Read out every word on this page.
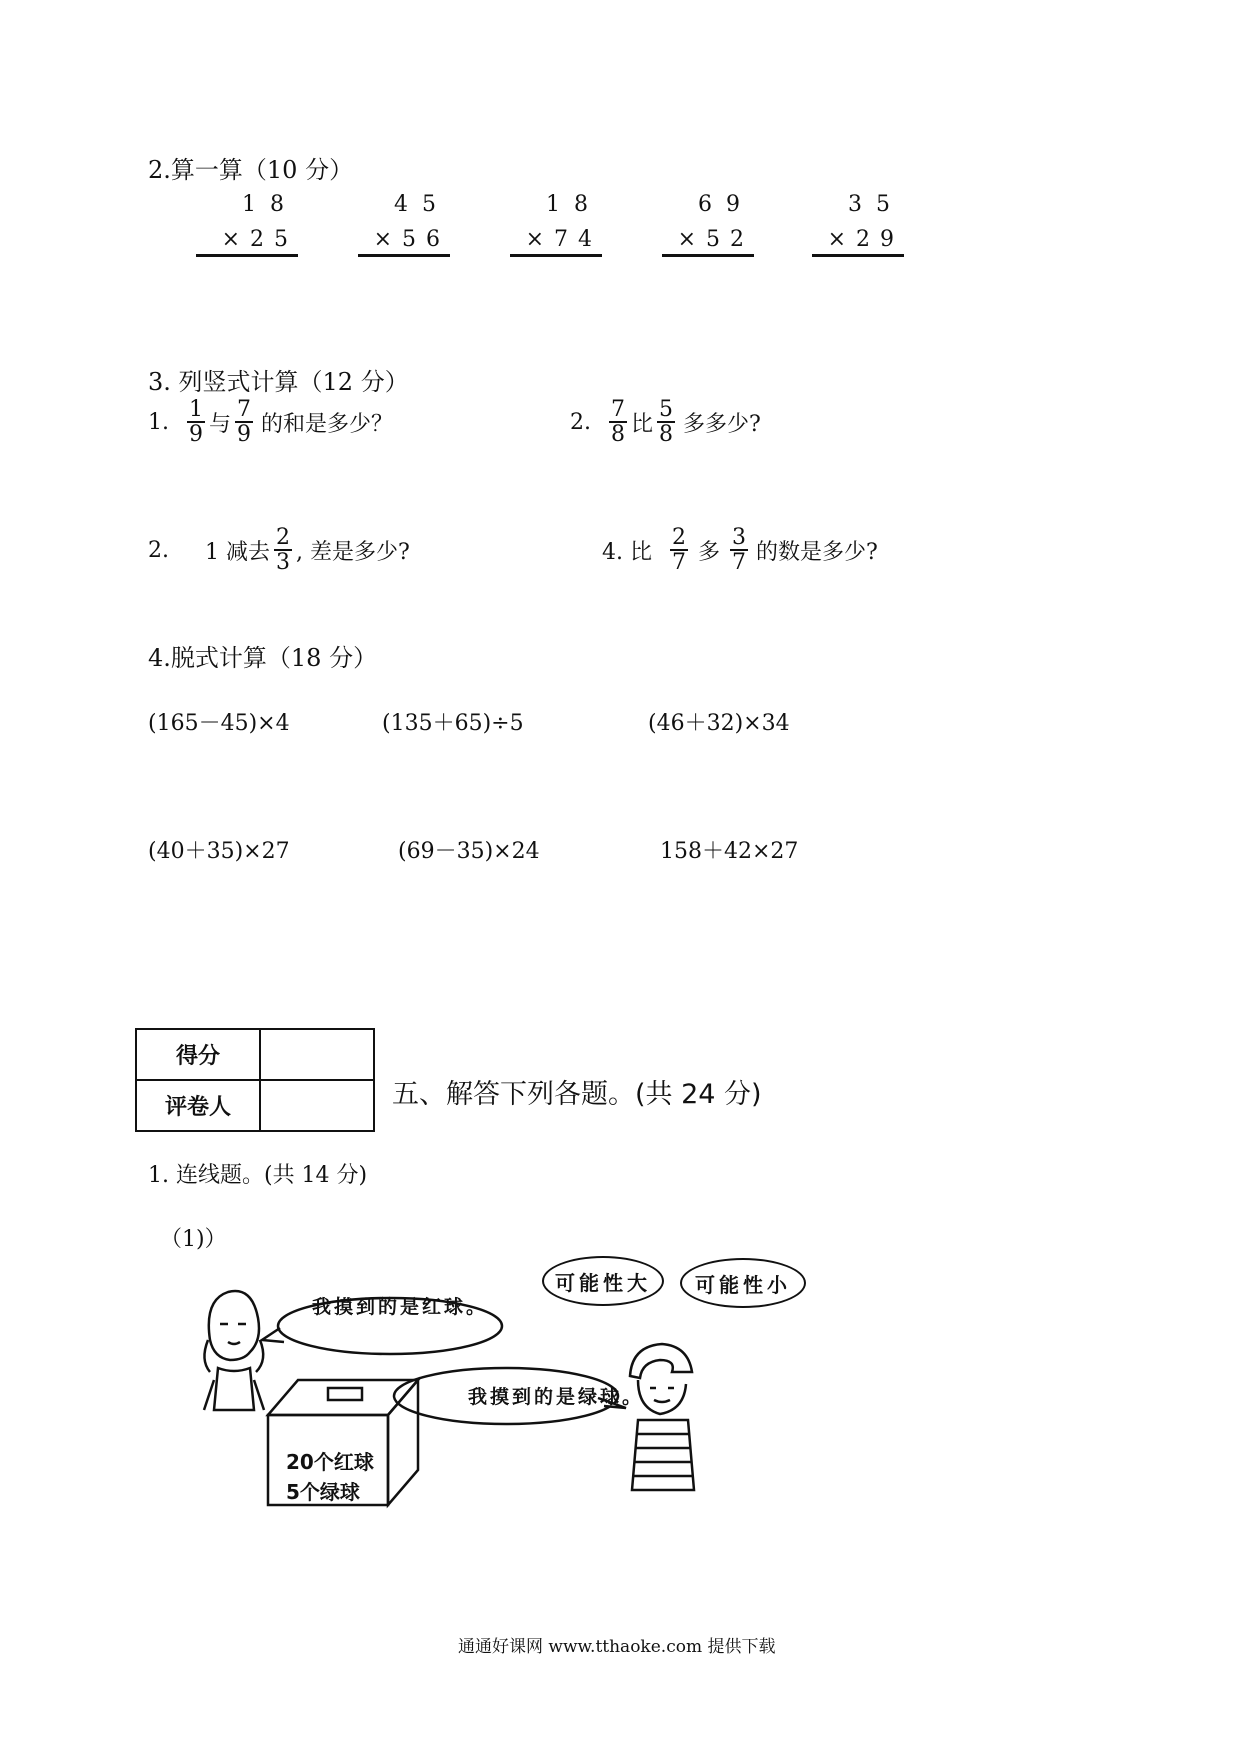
2.算一算（10 分）
18
×25
45
×56
18
×74
69
×52
35
×29
3. 列竖式计算（12 分）
1. $\frac{1}{9}$ 与 $\frac{7}{9}$ 的和是多少？	2. $\frac{7}{8}$ 比 $\frac{5}{8}$ 多多少?
2. 1 减去 $\frac{2}{3}$ , 差是多少?	4. 比 $\frac{2}{7}$ 多 $\frac{3}{7}$ 的数是多少?
4.脱式计算（18 分）
(165－45)×4	(135＋65)÷5	(46＋32)×34
(40＋35)×27	(69－35)×24	158＋42×27
得分	
评卷人		五、解答下列各题。(共 24 分)
1. 连线题。(共 14 分)
（1)）
可能性大	可能性小
我摸到的是红球。
我摸到的是绿球。
20个红球
5个绿球
通通好课网 www.tthaoke.com 提供下载
